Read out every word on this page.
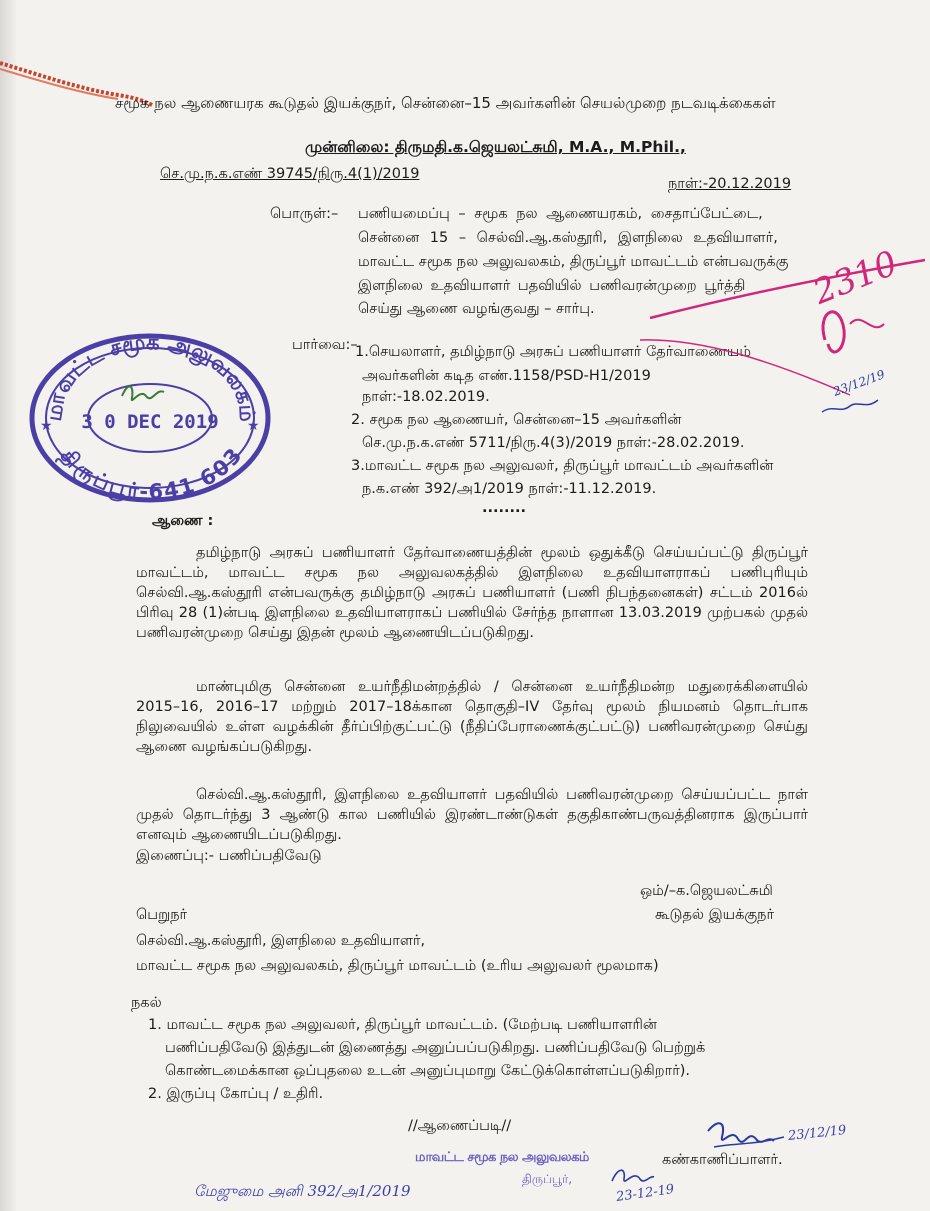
சமூக நல ஆணையரக கூடுதல் இயக்குநர், சென்னை–15 அவர்களின் செயல்முறை நடவடிக்கைகள்
முன்னிலை: திருமதி.க.ஜெயலட்சுமி, M.A., M.Phil.,
செ.மு.ந.க.எண் 39745/நிரு.4(1)/2019
நாள்:-20.12.2019
பொருள்:– பணியமைப்பு – சமூக நல ஆணையரகம், சைதாப்பேட்டை,
சென்னை 15 – செல்வி.ஆ.கஸ்தூரி, இளநிலை உதவியாளர்,
மாவட்ட சமூக நல அலுவலகம், திருப்பூர் மாவட்டம் என்பவருக்கு
இளநிலை உதவியாளர் பதவியில் பணிவரன்முறை பூர்த்தி
செய்து ஆணை வழங்குவது – சார்பு.
பார்வை:–
1.செயலாளர், தமிழ்நாடு அரசுப் பணியாளர் தேர்வாணையம்
அவர்களின் கடித எண்.1158/PSD-H1/2019
நாள்:-18.02.2019.
2. சமூக நல ஆணையர், சென்னை–15 அவர்களின்
செ.மு.ந.க.எண் 5711/நிரு.4(3)/2019 நாள்:-28.02.2019.
3.மாவட்ட சமூக நல அலுவலர், திருப்பூர் மாவட்டம் அவர்களின்
ந.க.எண் 392/அ1/2019 நாள்:-11.12.2019.
........
ஆணை :
தமிழ்நாடு அரசுப் பணியாளர் தேர்வாணையத்தின் மூலம் ஒதுக்கீடு செய்யப்பட்டு திருப்பூர் மாவட்டம், மாவட்ட சமூக நல அலுவலகத்தில் இளநிலை உதவியாளராகப் பணிபுரியும் செல்வி.ஆ.கஸ்தூரி என்பவருக்கு தமிழ்நாடு அரசுப் பணியாளர் (பணி நிபந்தனைகள்) சட்டம் 2016ல் பிரிவு 28 (1)ன்படி இளநிலை உதவியாளராகப் பணியில் சேர்ந்த நாளான 13.03.2019 முற்பகல் முதல் பணிவரன்முறை செய்து இதன் மூலம் ஆணையிடப்படுகிறது.
மாண்புமிகு சென்னை உயர்நீதிமன்றத்தில் / சென்னை உயர்நீதிமன்ற மதுரைக்கிளையில் 2015–16, 2016–17 மற்றும் 2017–18க்கான தொகுதி–IV தேர்வு மூலம் நியமனம் தொடர்பாக நிலுவையில் உள்ள வழக்கின் தீர்ப்பிற்குட்பட்டு (நீதிப்பேராணைக்குட்பட்டு) பணிவரன்முறை செய்து ஆணை வழங்கப்படுகிறது.
செல்வி.ஆ.கஸ்தூரி, இளநிலை உதவியாளர் பதவியில் பணிவரன்முறை செய்யப்பட்ட நாள் முதல் தொடர்ந்து 3 ஆண்டு கால பணியில் இரண்டாண்டுகள் தகுதிகாண்பருவத்தினராக இருப்பார் எனவும் ஆணையிடப்படுகிறது.
இணைப்பு:- பணிப்பதிவேடு
ஒம்/–க.ஜெயலட்சுமி
கூடுதல் இயக்குநர்
பெறுநர்
செல்வி.ஆ.கஸ்தூரி, இளநிலை உதவியாளர்,
மாவட்ட சமூக நல அலுவலகம், திருப்பூர் மாவட்டம் (உரிய அலுவலர் மூலமாக)
நகல்
1. மாவட்ட சமூக நல அலுவலர், திருப்பூர் மாவட்டம். (மேற்படி பணியாளரின்
பணிப்பதிவேடு இத்துடன் இணைத்து அனுப்பப்படுகிறது. பணிப்பதிவேடு பெற்றுக்
கொண்டமைக்கான ஒப்புதலை உடன் அனுப்புமாறு கேட்டுக்கொள்ளப்படுகிறார்).
2. இருப்பு கோப்பு / உதிரி.
//ஆணைப்படி//
கண்காணிப்பாளர்.
மாவட்ட சமூக நல அலுவலகம்
திருப்பூர்,
மேஜுமை அனி 392/அ1/2019
23/12/19
23-12-19
2310
23/12/19
மாவட்ட சமூக அலுவலகம்
திருப்பூர்-641 603
3 0 DEC 2019
★	★
